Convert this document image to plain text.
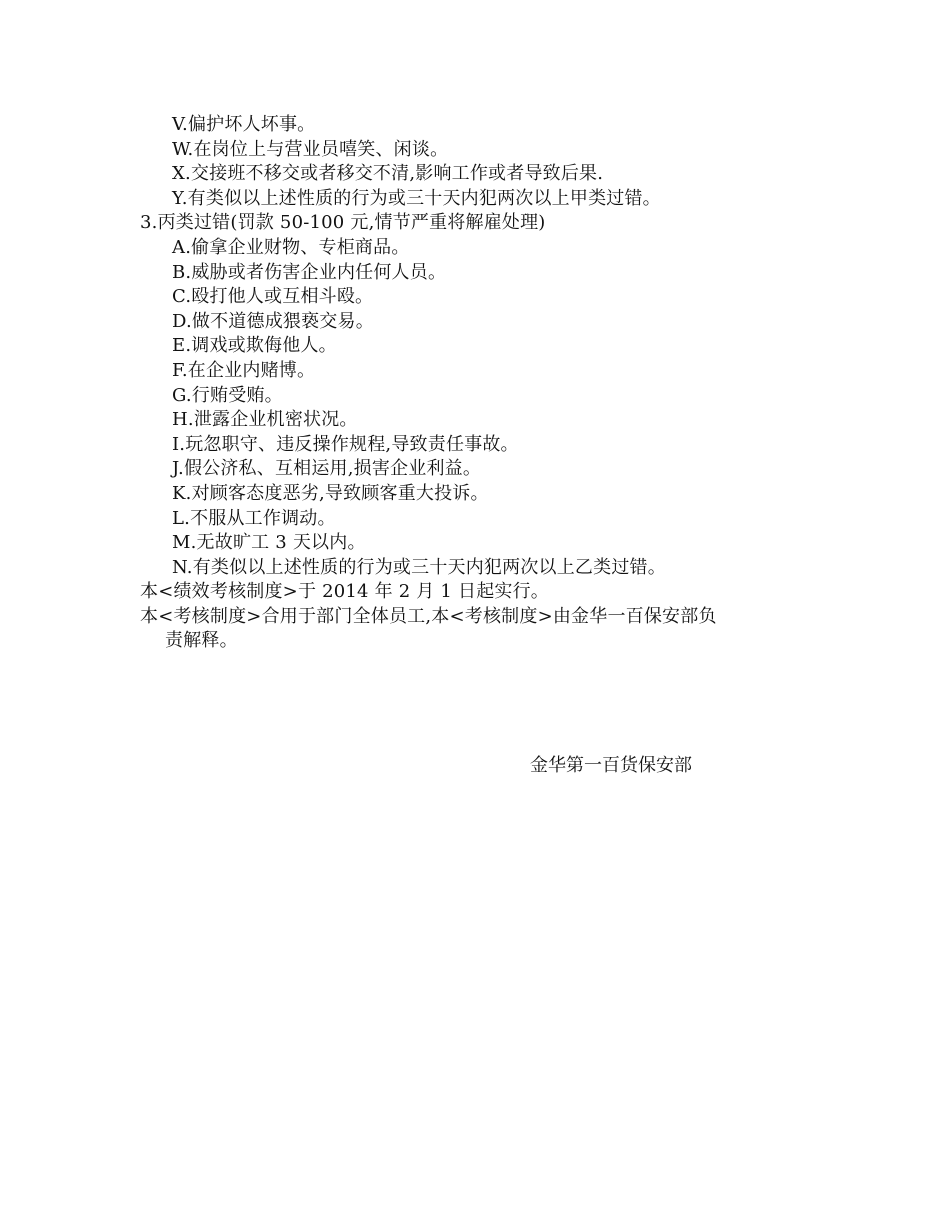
V.偏护坏人坏事。
W.在岗位上与营业员嘻笑、闲谈。
X.交接班不移交或者移交不清,影响工作或者导致后果.
Y.有类似以上述性质的行为或三十天内犯两次以上甲类过错。
3.丙类过错(罚款 50-100 元,情节严重将解雇处理)
A.偷拿企业财物、专柜商品。
B.威胁或者伤害企业内任何人员。
C.殴打他人或互相斗殴。
D.做不道德成猥亵交易。
E.调戏或欺侮他人。
F.在企业内赌博。
G.行贿受贿。
H.泄露企业机密状况。
I.玩忽职守、违反操作规程,导致责任事故。
J.假公济私、互相运用,损害企业利益。
K.对顾客态度恶劣,导致顾客重大投诉。
L.不服从工作调动。
M.无故旷工 3 天以内。
N.有类似以上述性质的行为或三十天内犯两次以上乙类过错。
本<绩效考核制度>于 2014 年 2 月 1 日起实行。
本<考核制度>合用于部门全体员工,本<考核制度>由金华一百保安部负
责解释。
金华第一百货保安部
